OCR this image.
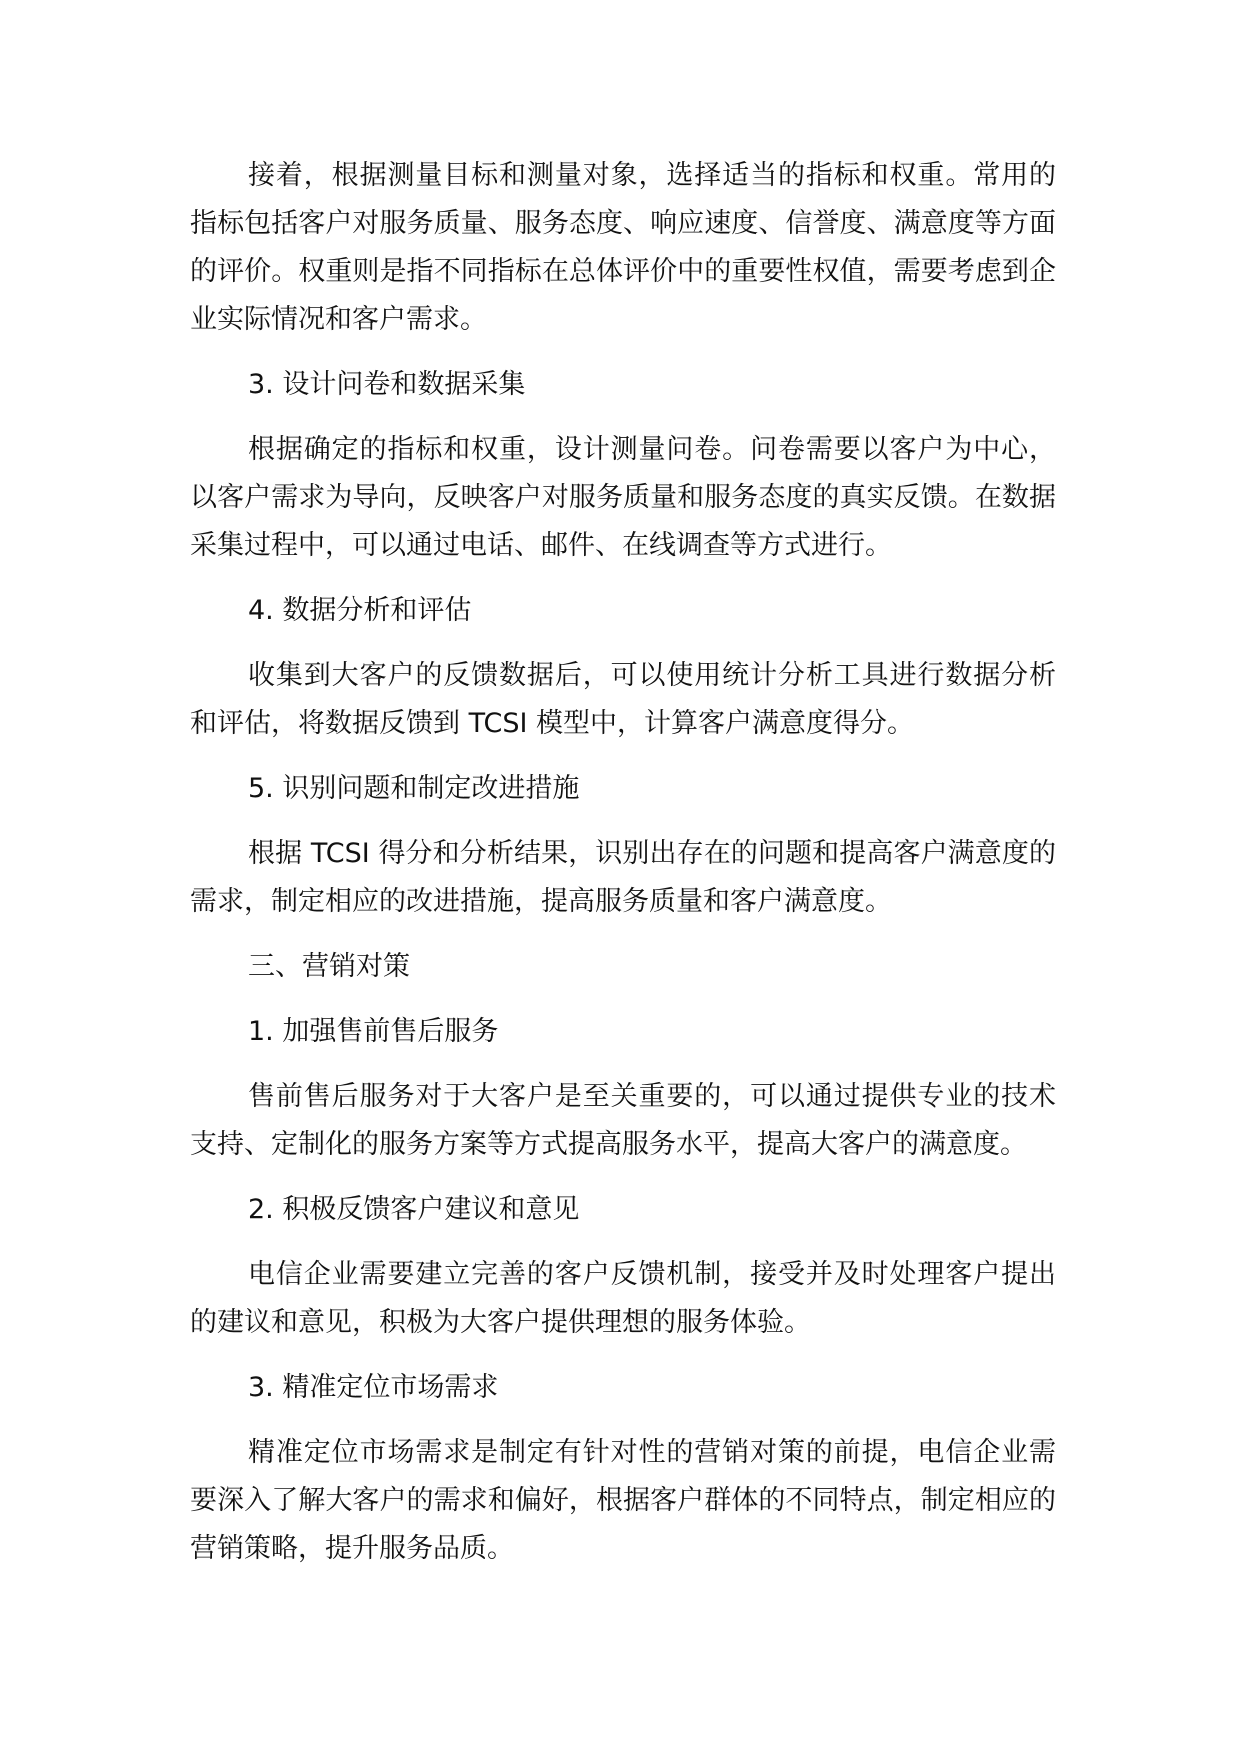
接着，根据测量目标和测量对象，选择适当的指标和权重。常用的指标包括客户对服务质量、服务态度、响应速度、信誉度、满意度等方面的评价。权重则是指不同指标在总体评价中的重要性权值，需要考虑到企业实际情况和客户需求。

3. 设计问卷和数据采集

根据确定的指标和权重，设计测量问卷。问卷需要以客户为中心，以客户需求为导向，反映客户对服务质量和服务态度的真实反馈。在数据采集过程中，可以通过电话、邮件、在线调查等方式进行。

4. 数据分析和评估

收集到大客户的反馈数据后，可以使用统计分析工具进行数据分析和评估，将数据反馈到 TCSI 模型中，计算客户满意度得分。

5. 识别问题和制定改进措施

根据 TCSI 得分和分析结果，识别出存在的问题和提高客户满意度的需求，制定相应的改进措施，提高服务质量和客户满意度。

三、营销对策

1. 加强售前售后服务

售前售后服务对于大客户是至关重要的，可以通过提供专业的技术支持、定制化的服务方案等方式提高服务水平，提高大客户的满意度。

2. 积极反馈客户建议和意见

电信企业需要建立完善的客户反馈机制，接受并及时处理客户提出的建议和意见，积极为大客户提供理想的服务体验。

3. 精准定位市场需求

精准定位市场需求是制定有针对性的营销对策的前提，电信企业需要深入了解大客户的需求和偏好，根据客户群体的不同特点，制定相应的营销策略，提升服务品质。
